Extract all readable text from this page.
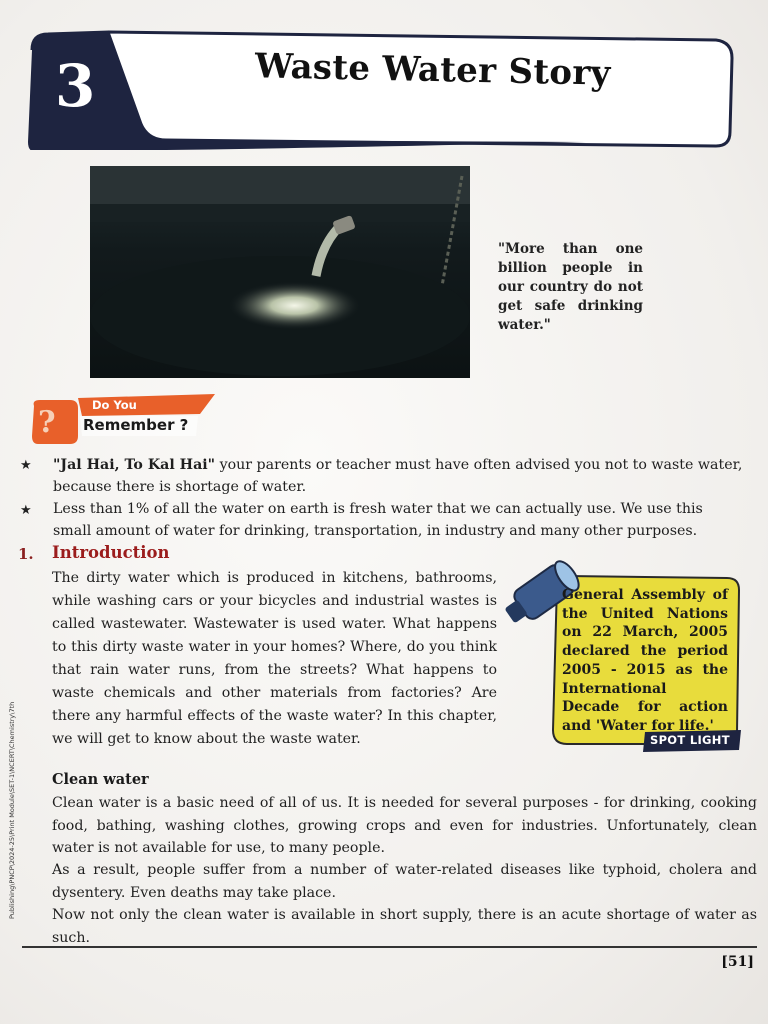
3	Waste Water Story
"More than one billion people in our country do not get safe drinking water."
?	Do You
Remember ?
★ "Jal Hai, To Kal Hai" your parents or teacher must have often advised you not to waste water, because there is shortage of water.
★ Less than 1% of all the water on earth is fresh water that we can actually use. We use this small amount of water for drinking, transportation, in industry and many other purposes.
1. Introduction
The dirty water which is produced in kitchens, bathrooms, while washing cars or your bicycles and industrial wastes is called wastewater. Wastewater is used water. What happens to this dirty waste water in your homes? Where, do you think that rain water runs, from the streets? What happens to waste chemicals and other materials from factories? Are there any harmful effects of the waste water? In this chapter, we will get to know about the waste water.
General Assembly of the United Nations on 22 March, 2005 declared the period 2005 - 2015 as the International Decade for action and 'Water for life.'
SPOT LIGHT
Clean water
Clean water is a basic need of all of us. It is needed for several purposes - for drinking, cooking food, bathing, washing clothes, growing crops and even for industries. Unfortunately, clean water is not available for use, to many people.
As a result, people suffer from a number of water-related diseases like typhoid, cholera and dysentery. Even deaths may take place.
Now not only the clean water is available in short supply, there is an acute shortage of water as such.
[51]
Publishing\PNCP\2024-25\Print Module\SET-1\NCERT\Chemistry\7th
